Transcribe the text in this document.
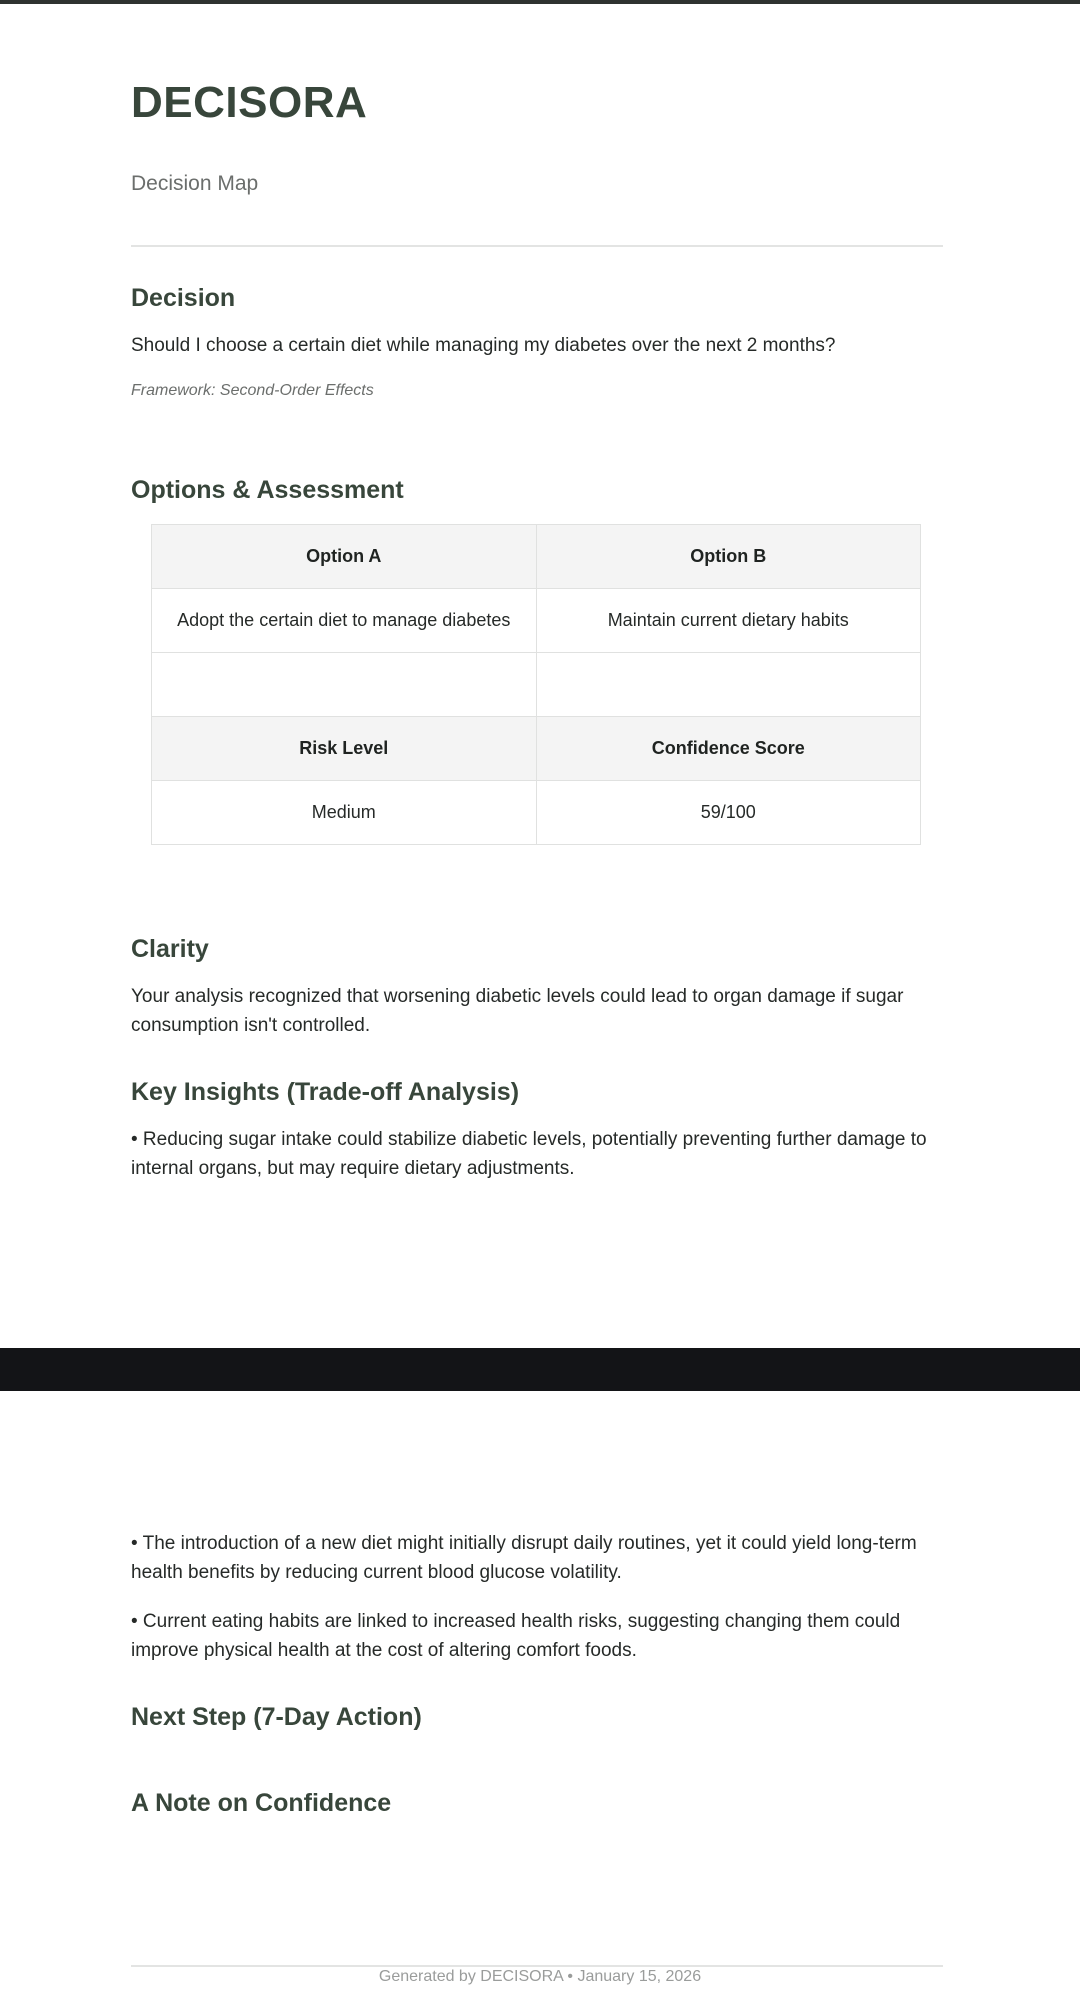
DECISORA

Decision Map

Decision

Should I choose a certain diet while managing my diabetes over the next 2 months?

Framework: Second-Order Effects

Options & Assessment
Option A	Option B
Adopt the certain diet to manage diabetes	Maintain current dietary habits

Risk Level	Confidence Score
Medium	59/100
Clarity

Your analysis recognized that worsening diabetic levels could lead to organ damage if sugar consumption isn't controlled.

Key Insights (Trade-off Analysis)

• Reducing sugar intake could stabilize diabetic levels, potentially preventing further damage to internal organs, but may require dietary adjustments.

• The introduction of a new diet might initially disrupt daily routines, yet it could yield long-term health benefits by reducing current blood glucose volatility.

• Current eating habits are linked to increased health risks, suggesting changing them could improve physical health at the cost of altering comfort foods.

Next Step (7-Day Action)
A Note on Confidence

Generated by DECISORA • January 15, 2026
